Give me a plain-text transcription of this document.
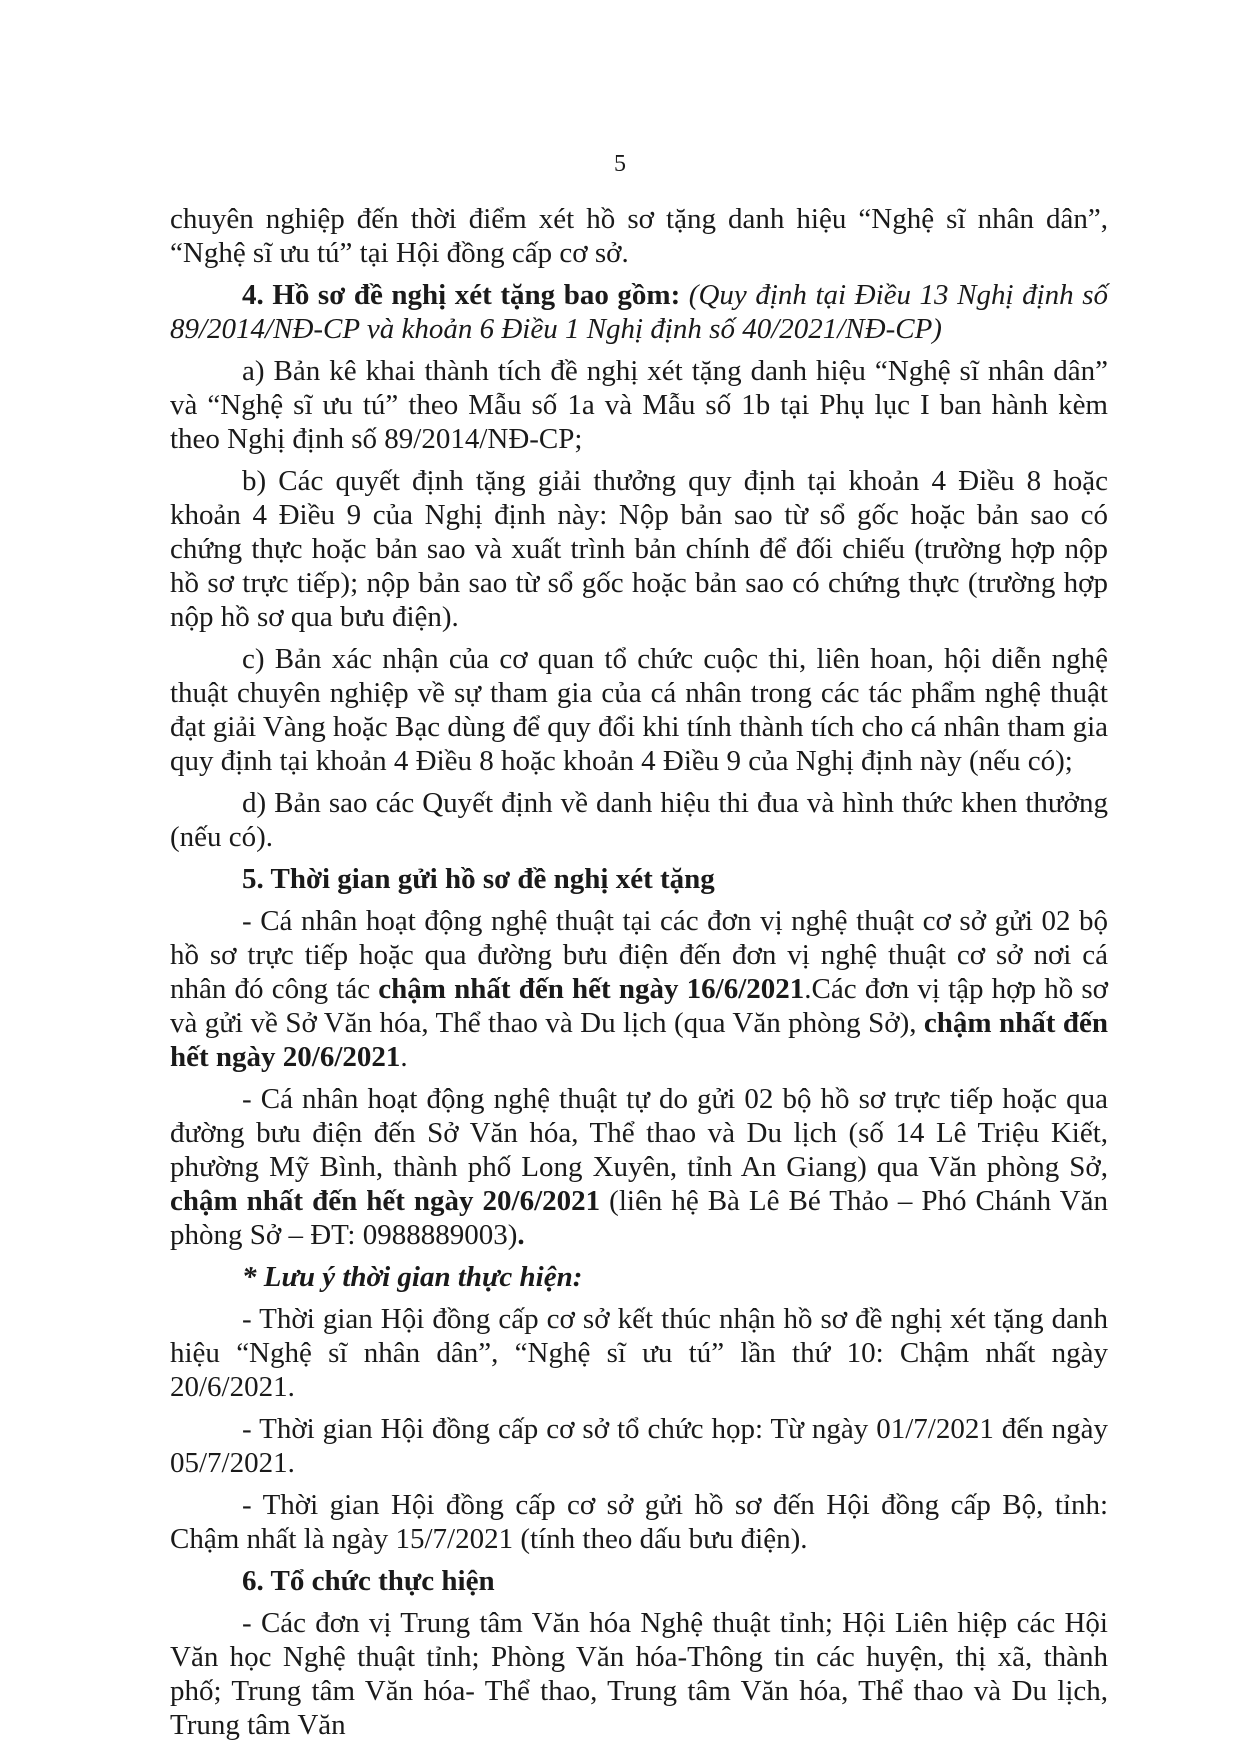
5

chuyên nghiệp đến thời điểm xét hồ sơ tặng danh hiệu “Nghệ sĩ nhân dân”, “Nghệ sĩ ưu tú” tại Hội đồng cấp cơ sở.

4. Hồ sơ đề nghị xét tặng bao gồm: (Quy định tại Điều 13 Nghị định số 89/2014/NĐ-CP và khoản 6 Điều 1 Nghị định số 40/2021/NĐ-CP)

a) Bản kê khai thành tích đề nghị xét tặng danh hiệu “Nghệ sĩ nhân dân” và “Nghệ sĩ ưu tú” theo Mẫu số 1a và Mẫu số 1b tại Phụ lục I ban hành kèm theo Nghị định số 89/2014/NĐ-CP;

b) Các quyết định tặng giải thưởng quy định tại khoản 4 Điều 8 hoặc khoản 4 Điều 9 của Nghị định này: Nộp bản sao từ sổ gốc hoặc bản sao có chứng thực hoặc bản sao và xuất trình bản chính để đối chiếu (trường hợp nộp hồ sơ trực tiếp); nộp bản sao từ sổ gốc hoặc bản sao có chứng thực (trường hợp nộp hồ sơ qua bưu điện).

c) Bản xác nhận của cơ quan tổ chức cuộc thi, liên hoan, hội diễn nghệ thuật chuyên nghiệp về sự tham gia của cá nhân trong các tác phẩm nghệ thuật đạt giải Vàng hoặc Bạc dùng để quy đổi khi tính thành tích cho cá nhân tham gia quy định tại khoản 4 Điều 8 hoặc khoản 4 Điều 9 của Nghị định này (nếu có);

d) Bản sao các Quyết định về danh hiệu thi đua và hình thức khen thưởng (nếu có).

5. Thời gian gửi hồ sơ đề nghị xét tặng

- Cá nhân hoạt động nghệ thuật tại các đơn vị nghệ thuật cơ sở gửi 02 bộ hồ sơ trực tiếp hoặc qua đường bưu điện đến đơn vị nghệ thuật cơ sở nơi cá nhân đó công tác chậm nhất đến hết ngày 16/6/2021.Các đơn vị tập hợp hồ sơ và gửi về Sở Văn hóa, Thể thao và Du lịch (qua Văn phòng Sở), chậm nhất đến hết ngày 20/6/2021.

- Cá nhân hoạt động nghệ thuật tự do gửi 02 bộ hồ sơ trực tiếp hoặc qua đường bưu điện đến Sở Văn hóa, Thể thao và Du lịch (số 14 Lê Triệu Kiết, phường Mỹ Bình, thành phố Long Xuyên, tỉnh An Giang) qua Văn phòng Sở, chậm nhất đến hết ngày 20/6/2021 (liên hệ Bà Lê Bé Thảo – Phó Chánh Văn phòng Sở – ĐT: 0988889003).

* Lưu ý thời gian thực hiện:

- Thời gian Hội đồng cấp cơ sở kết thúc nhận hồ sơ đề nghị xét tặng danh hiệu “Nghệ sĩ nhân dân”, “Nghệ sĩ ưu tú” lần thứ 10: Chậm nhất ngày 20/6/2021.

- Thời gian Hội đồng cấp cơ sở tổ chức họp: Từ ngày 01/7/2021 đến ngày 05/7/2021.

- Thời gian Hội đồng cấp cơ sở gửi hồ sơ đến Hội đồng cấp Bộ, tỉnh: Chậm nhất là ngày 15/7/2021 (tính theo dấu bưu điện).

6. Tổ chức thực hiện

- Các đơn vị Trung tâm Văn hóa Nghệ thuật tỉnh; Hội Liên hiệp các Hội Văn học Nghệ thuật tỉnh; Phòng Văn hóa-Thông tin các huyện, thị xã, thành phố; Trung tâm Văn hóa- Thể thao, Trung tâm Văn hóa, Thể thao và Du lịch, Trung tâm Văn
